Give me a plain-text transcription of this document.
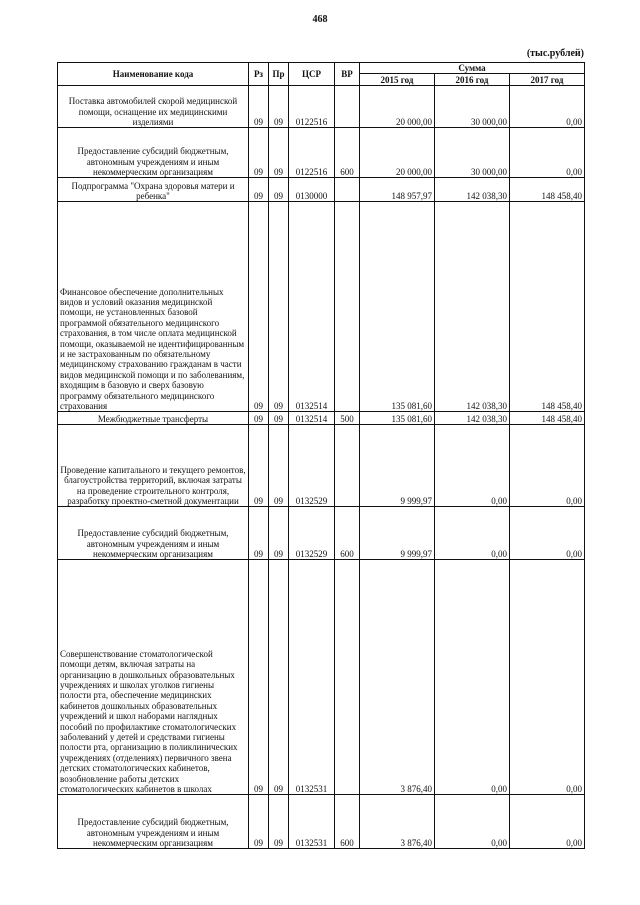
468
(тыс.рублей)
Наименование кода	Рз	Пр	ЦСР	ВР	Сумма		
					2015 год	2016 год	2017 год
Поставка автомобилей скорой медицинской помощи, оснащение их медицинскими изделиями	09	09	0122516		20 000,00	30 000,00	0,00
Предоставление субсидий бюджетным, автономным учреждениям и иным некоммерческим организациям	09	09	0122516	600	20 000,00	30 000,00	0,00
Подпрограмма "Охрана здоровья матери и ребенка"	09	09	0130000		148 957,97	142 038,30	148 458,40
Финансовое обеспечение дополнительных видов и условий оказания медицинской помощи, не установленных базовой программой обязательного медицинского страхования, в том числе оплата медицинской помощи, оказываемой не идентифицированным и не застрахованным по обязательному медицинскому страхованию гражданам в части видов медицинской помощи и по заболеваниям, входящим в базовую и сверх базовую программу обязательного медицинского страхования	09	09	0132514		135 081,60	142 038,30	148 458,40
Межбюджетные трансферты	09	09	0132514	500	135 081,60	142 038,30	148 458,40
Проведение капитального и текущего ремонтов, благоустройства территорий, включая затраты на проведение строительного контроля, разработку проектно-сметной документации	09	09	0132529		9 999,97	0,00	0,00
Предоставление субсидий бюджетным, автономным учреждениям и иным некоммерческим организациям	09	09	0132529	600	9 999,97	0,00	0,00
Совершенствование стоматологической помощи детям, включая затраты на организацию в дошкольных образовательных учреждениях и школах уголков гигиены полости рта, обеспечение медицинских кабинетов дошкольных образовательных учреждений и школ наборами наглядных пособий по профилактике стоматологических заболеваний у детей и средствами гигиены полости рта, организацию в поликлинических учреждениях (отделениях) первичного звена детских стоматологических кабинетов, возобновление работы детских стоматологических кабинетов в школах	09	09	0132531		3 876,40	0,00	0,00
Предоставление субсидий бюджетным, автономным учреждениям и иным некоммерческим организациям	09	09	0132531	600	3 876,40	0,00	0,00
